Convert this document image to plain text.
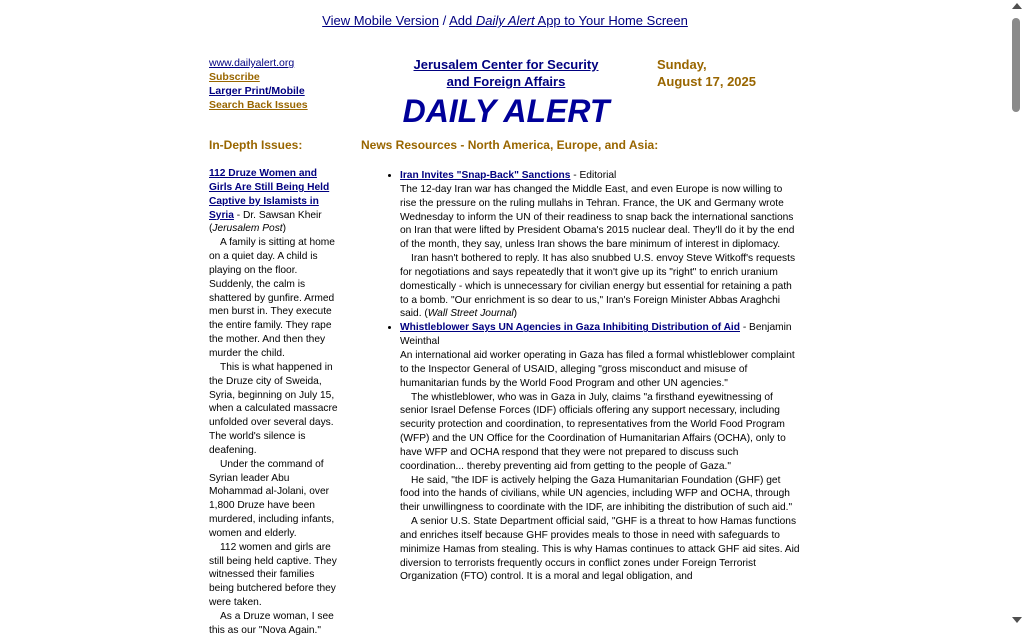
View Mobile Version / Add Daily Alert App to Your Home Screen
www.dailyalert.org
Subscribe
Larger Print/Mobile
Search Back Issues
Jerusalem Center for Security
and Foreign Affairs
DAILY ALERT
Sunday,
August 17, 2025
In-Depth Issues:	News Resources - North America, Europe, and Asia:
112 Druze Women and Girls Are Still Being Held Captive by Islamists in Syria - Dr. Sawsan Kheir (Jerusalem Post)

A family is sitting at home on a quiet day. A child is playing on the floor. Suddenly, the calm is shattered by gunfire. Armed men burst in. They execute the entire family. They rape the mother. And then they murder the child.

This is what happened in the Druze city of Sweida, Syria, beginning on July 15, when a calculated massacre unfolded over several days. The world's silence is deafening.

Under the command of Syrian leader Abu Mohammad al-Jolani, over 1,800 Druze have been murdered, including infants, women and elderly.

112 women and girls are still being held captive. They witnessed their families being butchered before they were taken.

As a Druze woman, I see this as our "Nova Again."

• Iran Invites "Snap-Back" Sanctions - Editorial

The 12-day Iran war has changed the Middle East, and even Europe is now willing to rise the pressure on the ruling mullahs in Tehran. France, the UK and Germany wrote Wednesday to inform the UN of their readiness to snap back the international sanctions on Iran that were lifted by President Obama's 2015 nuclear deal. They'll do it by the end of the month, they say, unless Iran shows the bare minimum of interest in diplomacy.

Iran hasn't bothered to reply. It has also snubbed U.S. envoy Steve Witkoff's requests for negotiations and says repeatedly that it won't give up its "right" to enrich uranium domestically - which is unnecessary for civilian energy but essential for retaining a path to a bomb. "Our enrichment is so dear to us," Iran's Foreign Minister Abbas Araghchi said. (Wall Street Journal)

• Whistleblower Says UN Agencies in Gaza Inhibiting Distribution of Aid - Benjamin Weinthal

An international aid worker operating in Gaza has filed a formal whistleblower complaint to the Inspector General of USAID, alleging "gross misconduct and misuse of humanitarian funds by the World Food Program and other UN agencies."

The whistleblower, who was in Gaza in July, claims "a firsthand eyewitnessing of senior Israel Defense Forces (IDF) officials offering any support necessary, including security protection and coordination, to representatives from the World Food Program (WFP) and the UN Office for the Coordination of Humanitarian Affairs (OCHA), only to have WFP and OCHA respond that they were not prepared to discuss such coordination... thereby preventing aid from getting to the people of Gaza."

He said, "the IDF is actively helping the Gaza Humanitarian Foundation (GHF) get food into the hands of civilians, while UN agencies, including WFP and OCHA, through their unwillingness to coordinate with the IDF, are inhibiting the distribution of such aid."

A senior U.S. State Department official said, "GHF is a threat to how Hamas functions and enriches itself because GHF provides meals to those in need with safeguards to minimize Hamas from stealing. This is why Hamas continues to attack GHF aid sites. Aid diversion to terrorists frequently occurs in conflict zones under Foreign Terrorist Organization (FTO) control. It is a moral and legal obligation, and
